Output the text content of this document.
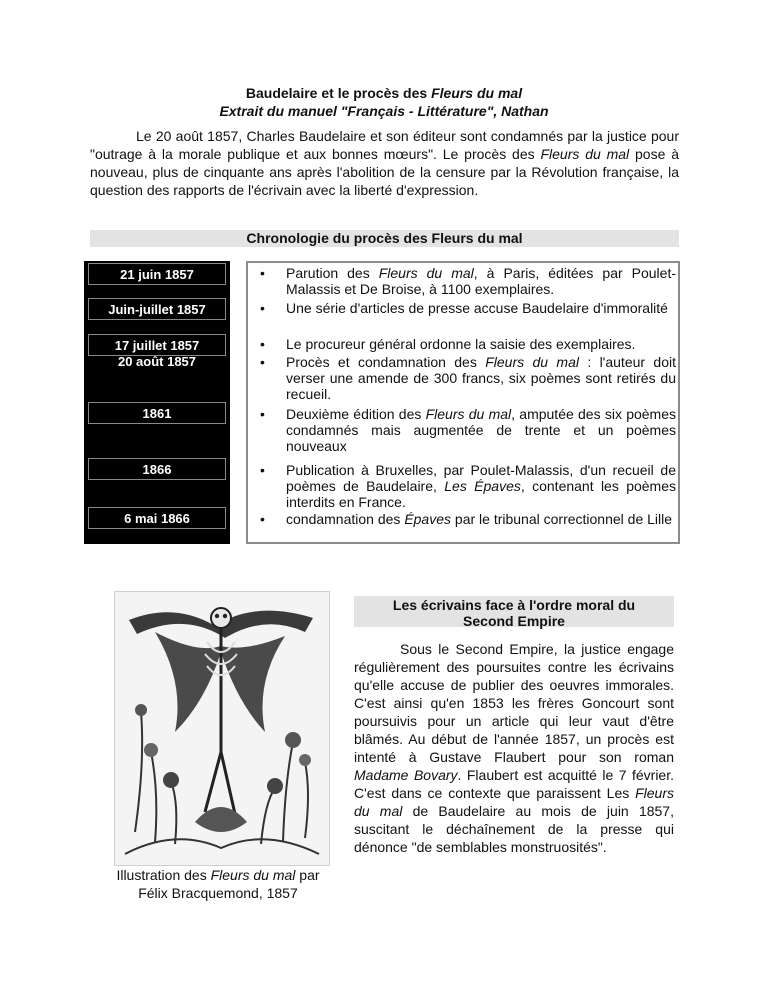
Baudelaire et le procès des Fleurs du mal
Extrait du manuel "Français - Littérature", Nathan
Le 20 août 1857, Charles Baudelaire et son éditeur sont condamnés par la justice pour "outrage à la morale publique et aux bonnes mœurs". Le procès des Fleurs du mal pose à nouveau, plus de cinquante ans après l'abolition de la censure par la Révolution française, la question des rapports de l'écrivain avec la liberté d'expression.
Chronologie du procès des Fleurs du mal
21 juin 1857
Juin-juillet 1857
17 juillet 1857
20 août 1857
1861
1866
6 mai 1866
• Parution des Fleurs du mal, à Paris, éditées par Poulet-Malassis et De Broise, à 1100 exemplaires.
• Une série d'articles de presse accuse Baudelaire d'immoralité
• Le procureur général ordonne la saisie des exemplaires.
• Procès et condamnation des Fleurs du mal : l'auteur doit verser une amende de 300 francs, six poèmes sont retirés du recueil.
• Deuxième édition des Fleurs du mal, amputée des six poèmes condamnés mais augmentée de trente et un poèmes nouveaux
• Publication à Bruxelles, par Poulet-Malassis, d'un recueil de poèmes de Baudelaire, Les Épaves, contenant les poèmes interdits en France.
• condamnation des Épaves par le tribunal correctionnel de Lille
Illustration des Fleurs du mal par
Félix Bracquemond, 1857
Les écrivains face à l'ordre moral du
Second Empire
Sous le Second Empire, la justice engage régulièrement des poursuites contre les écrivains qu'elle accuse de publier des oeuvres immorales. C'est ainsi qu'en 1853 les frères Goncourt sont poursuivis pour un article qui leur vaut d'être blâmés. Au début de l'année 1857, un procès est intenté à Gustave Flaubert pour son roman Madame Bovary. Flaubert est acquitté le 7 février. C'est dans ce contexte que paraissent Les Fleurs du mal de Baudelaire au mois de juin 1857, suscitant le déchaînement de la presse qui dénonce "de semblables monstruosités".
